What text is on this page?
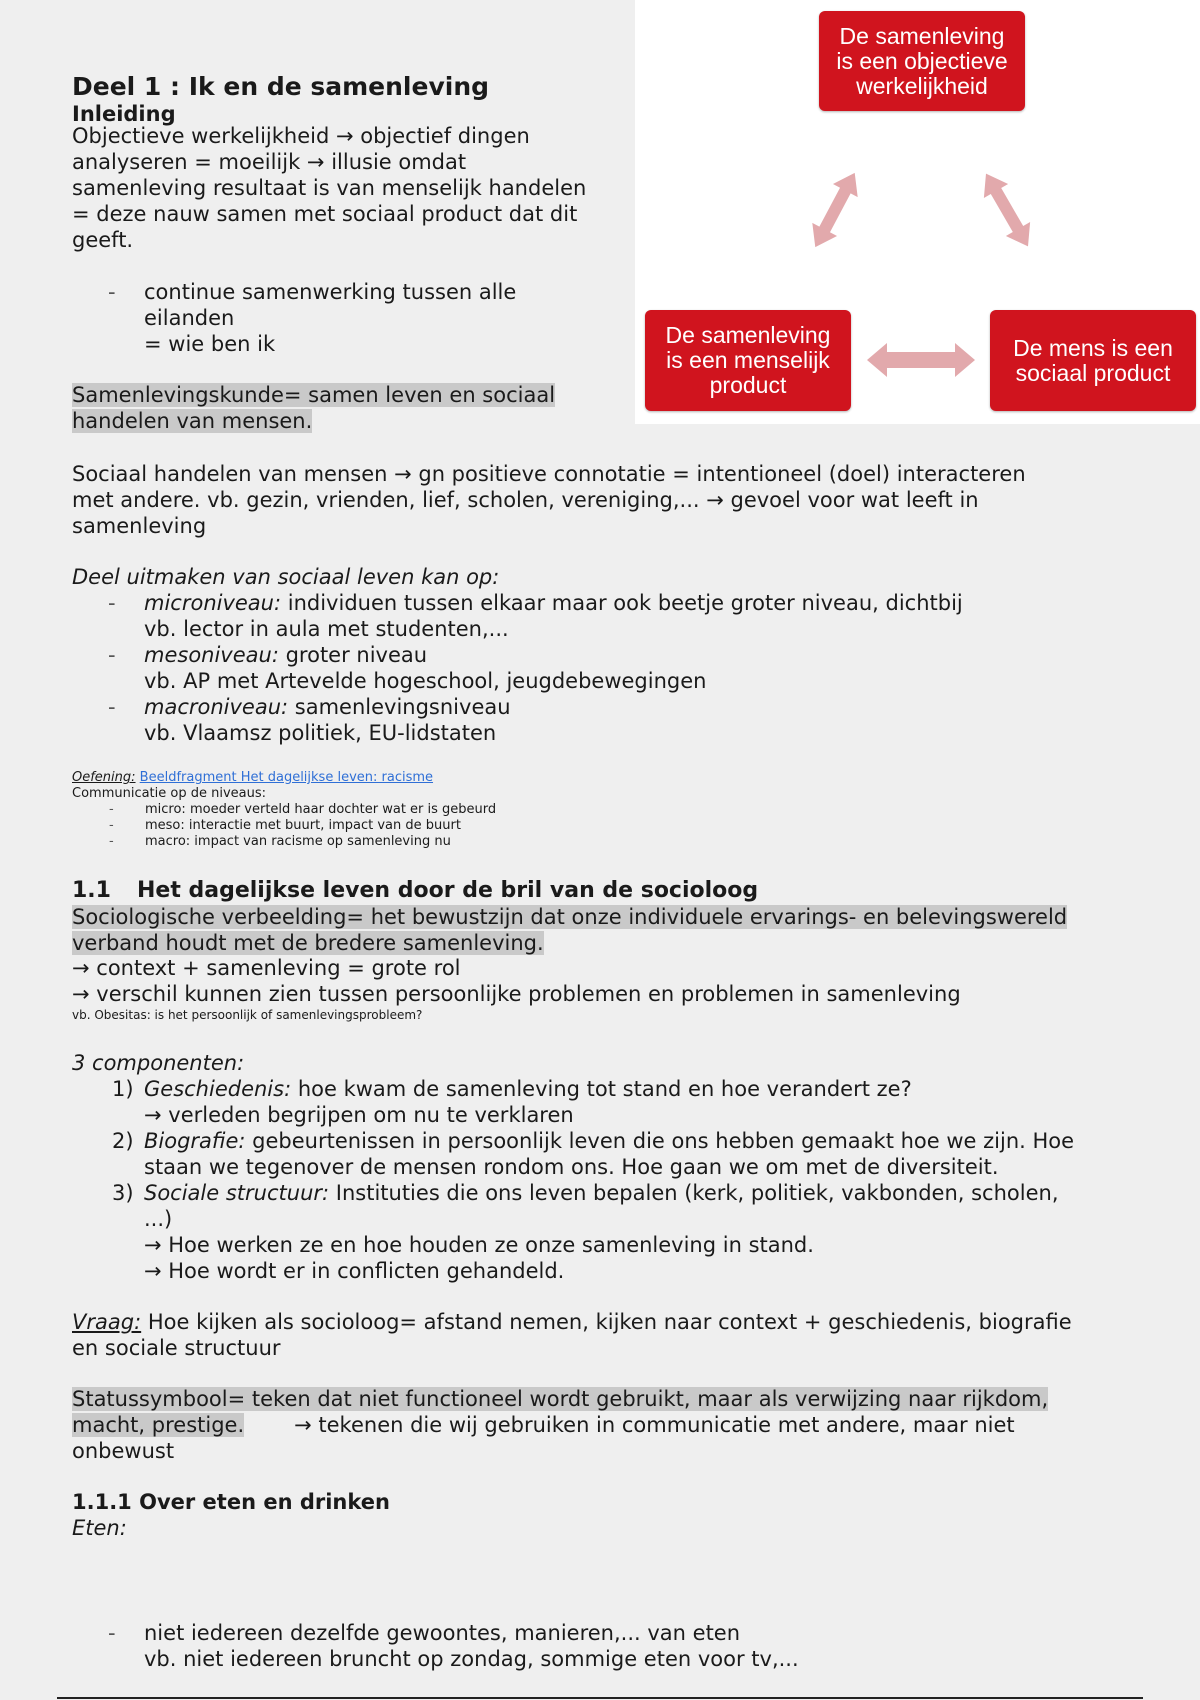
De samenleving
is een objectieve
werkelijkheid
De samenleving
is een menselijk
product
De mens is een
sociaal product
Deel 1 : Ik en de samenleving
Inleiding
Objectieve werkelijkheid → objectief dingen
analyseren = moeilijk → illusie omdat
samenleving resultaat is van menselijk handelen
= deze nauw samen met sociaal product dat dit
geeft.
- continue samenwerking tussen alle
eilanden
= wie ben ik
Samenlevingskunde= samen leven en sociaal
handelen van mensen.
Sociaal handelen van mensen → gn positieve connotatie = intentioneel (doel) interacteren
met andere. vb. gezin, vrienden, lief, scholen, vereniging,... → gevoel voor wat leeft in
samenleving
Deel uitmaken van sociaal leven kan op:
- microniveau: individuen tussen elkaar maar ook beetje groter niveau, dichtbij
vb. lector in aula met studenten,...
- mesoniveau: groter niveau
vb. AP met Artevelde hogeschool, jeugdebewegingen
- macroniveau: samenlevingsniveau
vb. Vlaamsz politiek, EU-lidstaten
Oefening: Beeldfragment Het dagelijkse leven: racisme
Communicatie op de niveaus:
- micro: moeder verteld haar dochter wat er is gebeurd
- meso: interactie met buurt, impact van de buurt
- macro: impact van racisme op samenleving nu
1.1 Het dagelijkse leven door de bril van de socioloog
Sociologische verbeelding= het bewustzijn dat onze individuele ervarings- en belevingswereld
verband houdt met de bredere samenleving.
→ context + samenleving = grote rol
→ verschil kunnen zien tussen persoonlijke problemen en problemen in samenleving
vb. Obesitas: is het persoonlijk of samenlevingsprobleem?
3 componenten:
1) Geschiedenis: hoe kwam de samenleving tot stand en hoe verandert ze?
→ verleden begrijpen om nu te verklaren
2) Biografie: gebeurtenissen in persoonlijk leven die ons hebben gemaakt hoe we zijn. Hoe
staan we tegenover de mensen rondom ons. Hoe gaan we om met de diversiteit.
3) Sociale structuur: Instituties die ons leven bepalen (kerk, politiek, vakbonden, scholen,
...)
→ Hoe werken ze en hoe houden ze onze samenleving in stand.
→ Hoe wordt er in conflicten gehandeld.
Vraag: Hoe kijken als socioloog= afstand nemen, kijken naar context + geschiedenis, biografie
en sociale structuur
Statussymbool= teken dat niet functioneel wordt gebruikt, maar als verwijzing naar rijkdom,
macht, prestige. → tekenen die wij gebruiken in communicatie met andere, maar niet
onbewust
1.1.1 Over eten en drinken
Eten:
- niet iedereen dezelfde gewoontes, manieren,... van eten
vb. niet iedereen bruncht op zondag, sommige eten voor tv,...
